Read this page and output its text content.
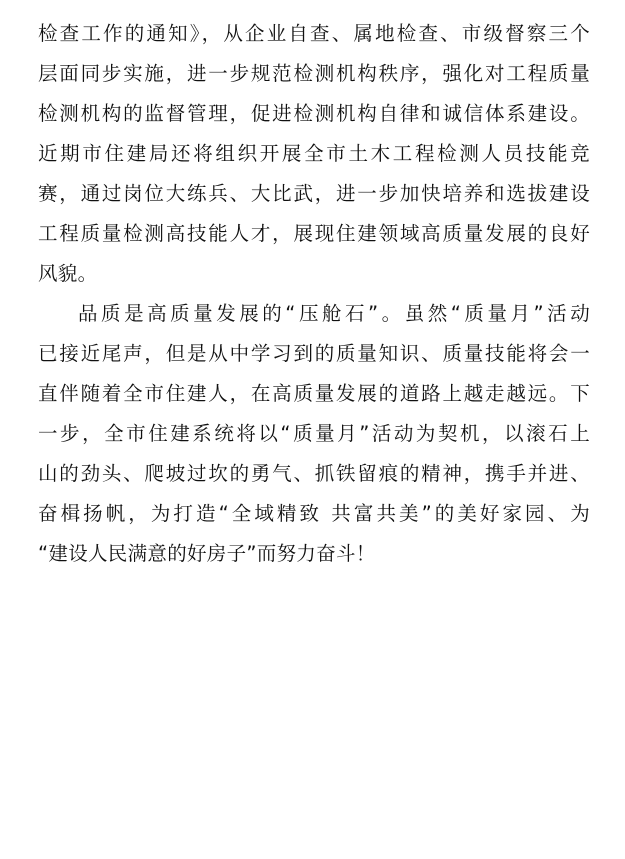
检查工作的通知》，从企业自查、属地检查、市级督察三个
层面同步实施，进一步规范检测机构秩序，强化对工程质量
检测机构的监督管理，促进检测机构自律和诚信体系建设。
近期市住建局还将组织开展全市土木工程检测人员技能竞
赛，通过岗位大练兵、大比武，进一步加快培养和选拔建设
工程质量检测高技能人才，展现住建领域高质量发展的良好
风貌。
品质是高质量发展的“压舱石”。虽然“质量月”活动
已接近尾声，但是从中学习到的质量知识、质量技能将会一
直伴随着全市住建人，在高质量发展的道路上越走越远。下
一步，全市住建系统将以“质量月”活动为契机，以滚石上
山的劲头、爬坡过坎的勇气、抓铁留痕的精神，携手并进、
奋楫扬帆，为打造“全域精致 共富共美”的美好家园、为
“建设人民满意的好房子”而努力奋斗！
